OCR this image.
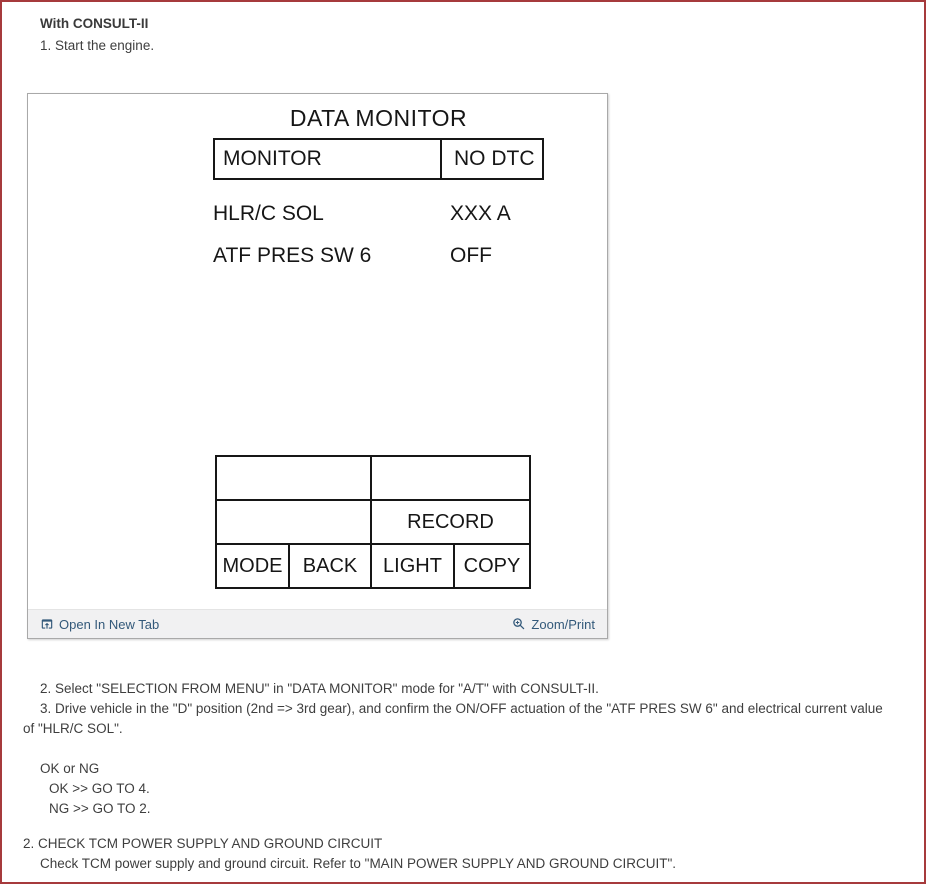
With CONSULT-II
1. Start the engine.
DATA MONITOR
MONITOR	NO DTC
HLR/C SOL	XXX A
ATF PRES SW 6	OFF

		RECORD	
MODE	BACK	LIGHT	COPY
Open In New Tab	Zoom/Print
2. Select "SELECTION FROM MENU" in "DATA MONITOR" mode for "A/T" with CONSULT-II.
3. Drive vehicle in the "D" position (2nd => 3rd gear), and confirm the ON/OFF actuation of the "ATF PRES SW 6" and electrical current value of "HLR/C SOL".
OK or NG
OK >> GO TO 4.
NG >> GO TO 2.
2. CHECK TCM POWER SUPPLY AND GROUND CIRCUIT
Check TCM power supply and ground circuit. Refer to "MAIN POWER SUPPLY AND GROUND CIRCUIT".
